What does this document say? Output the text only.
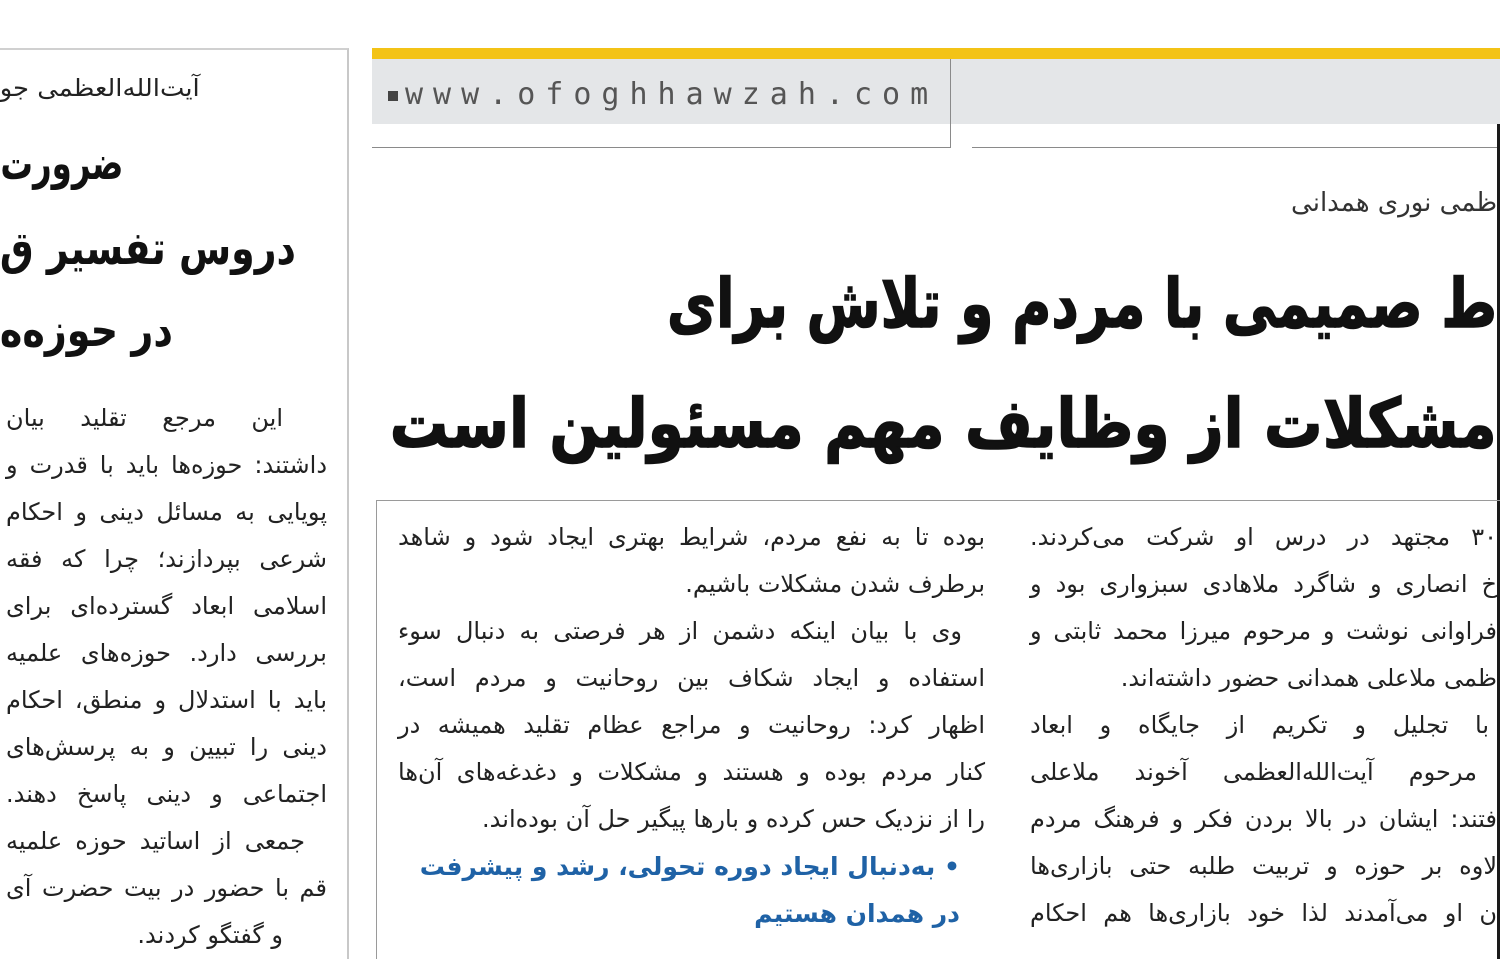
آیت‌الله‌العظمی جو
ضرورت
دروس تفسیر ق
در حوزه‌ه
این مرجع تقلید بیان
داشتند: حوزه‌ها باید با قدرت و
پویایی به مسائل دینی و احکام
شرعی بپردازند؛ چرا که فقه
اسلامی ابعاد گسترده‌ای برای
بررسی دارد. حوزه‌های علمیه
باید با استدلال و منطق، احکام
دینی را تبیین و به پرسش‌های
اجتماعی و دینی پاسخ دهند.
جمعی از اساتید حوزه علمیه
قم با حضور در بیت حضرت آی
و گفتگو کردند.
www.ofoghhawzah.com
ظمی نوری همدانی
ط صمیمی با مردم و تلاش برای
مشکلات از وظایف مهم مسئولین است
۳۰ مجتهد در درس او شرکت می‌کردند.
خ انصاری و شاگرد ملاهادی سبزواری بود و
فراوانی نوشت و مرحوم میرزا محمد ثابتی و
ظمی ملاعلی همدانی حضور داشته‌اند.
با تجلیل و تکریم از جایگاه و ابعاد
مرحوم آیت‌الله‌العظمی آخوند ملاعلی
فتند: ایشان در بالا بردن فکر و فرهنگ مردم
لاوه بر حوزه و تربیت طلبه حتی بازاری‌ها
ن او می‌آمدند لذا خود بازاری‌ها هم احکام
بوده تا به نفع مردم، شرایط بهتری ایجاد شود و شاهد
برطرف شدن مشکلات باشیم.
وی با بیان اینکه دشمن از هر فرصتی به دنبال سوء
استفاده و ایجاد شکاف بین روحانیت و مردم است،
اظهار کرد: روحانیت و مراجع عظام تقلید همیشه در
کنار مردم بوده و هستند و مشکلات و دغدغه‌های آن‌ها
را از نزدیک حس کرده و بارها پیگیر حل آن بوده‌اند.
• به‌دنبال ایجاد دوره تحولی، رشد و پیشرفت
در همدان هستیم
